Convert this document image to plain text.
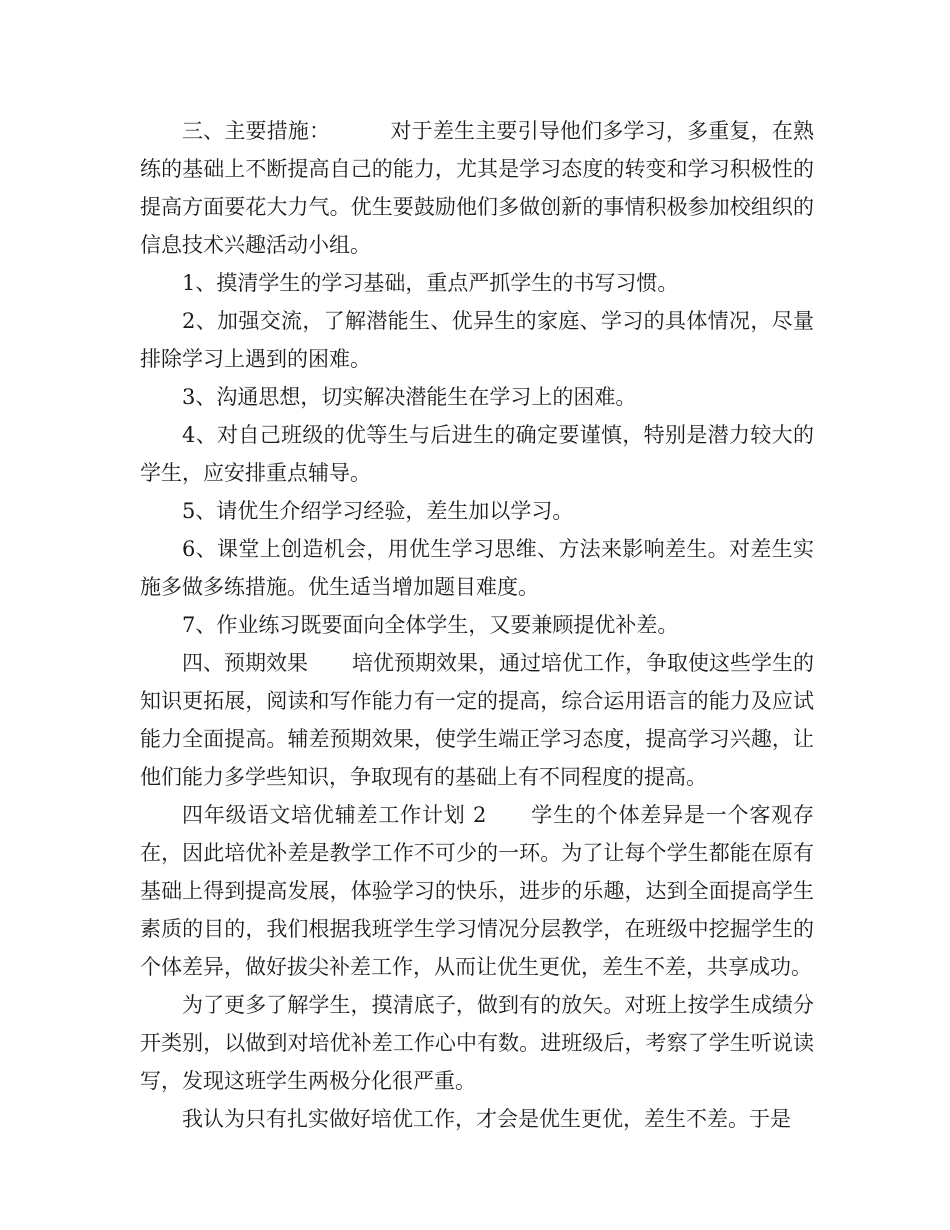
三、主要措施：	对于差生主要引导他们多学习，多重复，在熟练的基础上不断提高自己的能力，尤其是学习态度的转变和学习积极性的提高方面要花大力气。优生要鼓励他们多做创新的事情积极参加校组织的信息技术兴趣活动小组。

1、摸清学生的学习基础，重点严抓学生的书写习惯。

2、加强交流，了解潜能生、优异生的家庭、学习的具体情况，尽量排除学习上遇到的困难。

3、沟通思想，切实解决潜能生在学习上的困难。

4、对自己班级的优等生与后进生的确定要谨慎，特别是潜力较大的学生，应安排重点辅导。

5、请优生介绍学习经验，差生加以学习。

6、课堂上创造机会，用优生学习思维、方法来影响差生。对差生实施多做多练措施。优生适当增加题目难度。

7、作业练习既要面向全体学生，又要兼顾提优补差。

四、预期效果 培优预期效果，通过培优工作，争取使这些学生的知识更拓展，阅读和写作能力有一定的提高，综合运用语言的能力及应试能力全面提高。辅差预期效果，使学生端正学习态度，提高学习兴趣，让他们能力多学些知识，争取现有的基础上有不同程度的提高。

四年级语文培优辅差工作计划 2 学生的个体差异是一个客观存在，因此培优补差是教学工作不可少的一环。为了让每个学生都能在原有基础上得到提高发展，体验学习的快乐，进步的乐趣，达到全面提高学生素质的目的，我们根据我班学生学习情况分层教学，在班级中挖掘学生的个体差异，做好拔尖补差工作，从而让优生更优，差生不差，共享成功。

为了更多了解学生，摸清底子，做到有的放矢。对班上按学生成绩分开类别，以做到对培优补差工作心中有数。进班级后，考察了学生听说读写，发现这班学生两极分化很严重。

我认为只有扎实做好培优工作，才会是优生更优，差生不差。于是
